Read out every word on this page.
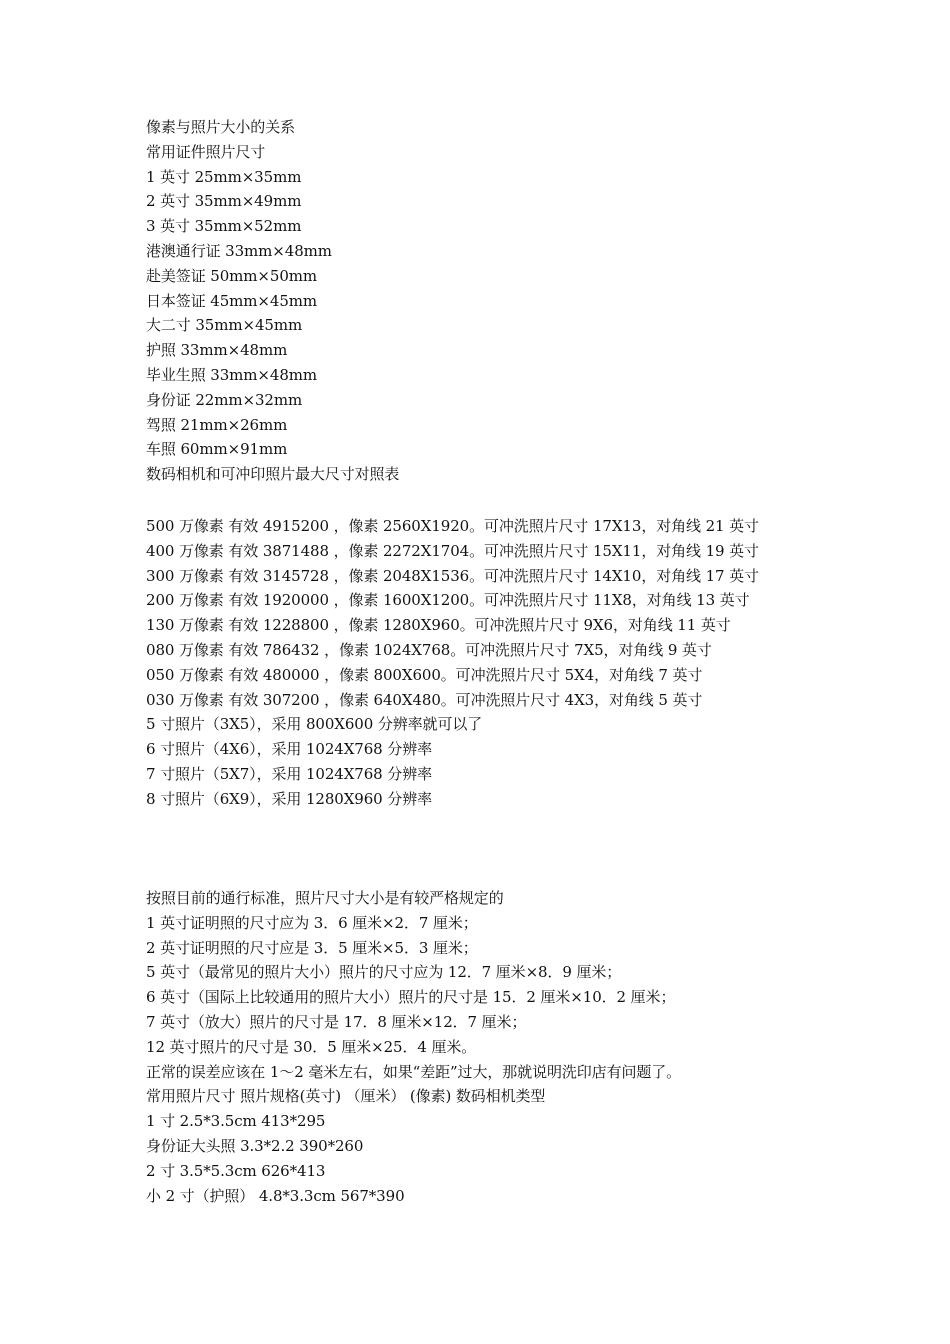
像素与照片大小的关系
常用证件照片尺寸
1 英寸 25mm×35mm
2 英寸 35mm×49mm
3 英寸 35mm×52mm
港澳通行证 33mm×48mm
赴美签证 50mm×50mm
日本签证 45mm×45mm
大二寸 35mm×45mm
护照 33mm×48mm
毕业生照 33mm×48mm
身份证 22mm×32mm
驾照 21mm×26mm
车照 60mm×91mm
数码相机和可冲印照片最大尺寸对照表
500 万像素 有效 4915200 ，像素 2560X1920。可冲洗照片尺寸 17X13，对角线 21 英寸
400 万像素 有效 3871488 ，像素 2272X1704。可冲洗照片尺寸 15X11，对角线 19 英寸
300 万像素 有效 3145728 ，像素 2048X1536。可冲洗照片尺寸 14X10，对角线 17 英寸
200 万像素 有效 1920000 ，像素 1600X1200。可冲洗照片尺寸 11X8，对角线 13 英寸
130 万像素 有效 1228800 ，像素 1280X960。可冲洗照片尺寸 9X6，对角线 11 英寸
080 万像素 有效 786432 ，像素 1024X768。可冲洗照片尺寸 7X5，对角线 9 英寸
050 万像素 有效 480000 ，像素 800X600。可冲洗照片尺寸 5X4，对角线 7 英寸
030 万像素 有效 307200 ，像素 640X480。可冲洗照片尺寸 4X3，对角线 5 英寸
5 寸照片（3X5），采用 800X600 分辨率就可以了
6 寸照片（4X6），采用 1024X768 分辨率
7 寸照片（5X7），采用 1024X768 分辨率
8 寸照片（6X9），采用 1280X960 分辨率
按照目前的通行标准，照片尺寸大小是有较严格规定的
1 英寸证明照的尺寸应为 3．6 厘米×2．7 厘米；
2 英寸证明照的尺寸应是 3．5 厘米×5．3 厘米；
5 英寸（最常见的照片大小）照片的尺寸应为 12．7 厘米×8．9 厘米；
6 英寸（国际上比较通用的照片大小）照片的尺寸是 15．2 厘米×10．2 厘米；
7 英寸（放大）照片的尺寸是 17．8 厘米×12．7 厘米；
12 英寸照片的尺寸是 30．5 厘米×25．4 厘米。
正常的误差应该在 1～2 毫米左右，如果“差距”过大，那就说明洗印店有问题了。
常用照片尺寸 照片规格(英寸) （厘米） (像素) 数码相机类型
1 寸 2.5*3.5cm 413*295
身份证大头照 3.3*2.2 390*260
2 寸 3.5*5.3cm 626*413
小 2 寸（护照） 4.8*3.3cm 567*390
